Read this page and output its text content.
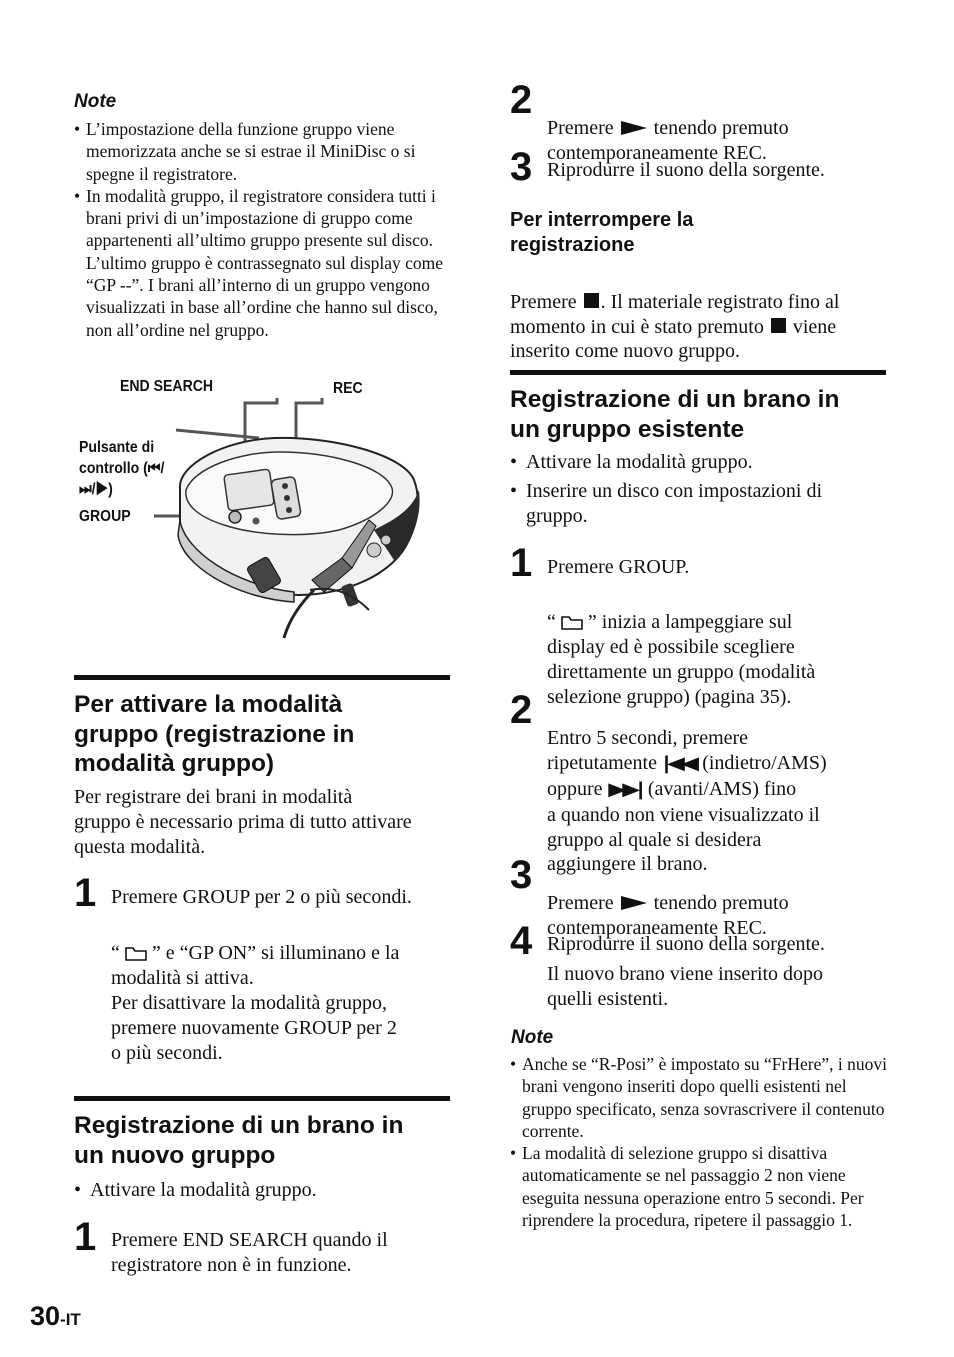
Note
• L’impostazione della funzione gruppo viene memorizzata anche se si estrae il MiniDisc o si spegne il registratore.
• In modalità gruppo, il registratore considera tutti i brani privi di un’impostazione di gruppo come appartenenti all’ultimo gruppo presente sul disco. L’ultimo gruppo è contrassegnato sul display come
“GP --”. I brani all’interno di un gruppo vengono visualizzati in base all’ordine che hanno sul disco, non all’ordine nel gruppo.
END SEARCH	REC

Pulsante di
controllo (⏮/
⏭/▶)

GROUP
Per attivare la modalità
gruppo (registrazione in
modalità gruppo)

Per registrare dei brani in modalità
gruppo è necessario prima di tutto attivare
questa modalità.

1 Premere GROUP per 2 o più secondi.

“ ” e “GP ON” si illuminano e la
modalità si attiva.

Per disattivare la modalità gruppo,
premere nuovamente GROUP per 2
o più secondi.
Registrazione di un brano in
un nuovo gruppo
• Attivare la modalità gruppo.
1 Premere END SEARCH quando il
registratore non è in funzione.
2

Premere tenendo premuto
contemporaneamente REC.

3 Riprodurre il suono della sorgente.
Per interrompere la
registrazione

Premere . Il materiale registrato fino al
momento in cui è stato premuto viene
inserito come nuovo gruppo.

Registrazione di un brano in
un gruppo esistente
• Attivare la modalità gruppo.
• Inserire un disco con impostazioni di
gruppo.
1 Premere GROUP.

“ ” inizia a lampeggiare sul
display ed è possibile scegliere
direttamente un gruppo (modalità
selezione gruppo) (pagina 35).

2

Entro 5 secondi, premere
ripetutamente |◀◀ (indietro/AMS)
oppure ▶▶| (avanti/AMS) fino
a quando non viene visualizzato il
gruppo al quale si desidera
aggiungere il brano.

3

Premere tenendo premuto
contemporaneamente REC.

4 Riprodurre il suono della sorgente.
Il nuovo brano viene inserito dopo
quelli esistenti.
Note
• Anche se “R-Posi” è impostato su “FrHere”, i nuovi brani vengono inseriti dopo quelli esistenti nel gruppo specificato, senza sovrascrivere il contenuto corrente.
• La modalità di selezione gruppo si disattiva automaticamente se nel passaggio 2 non viene eseguita nessuna operazione entro 5 secondi. Per riprendere la procedura, ripetere il passaggio 1.
30-IT
